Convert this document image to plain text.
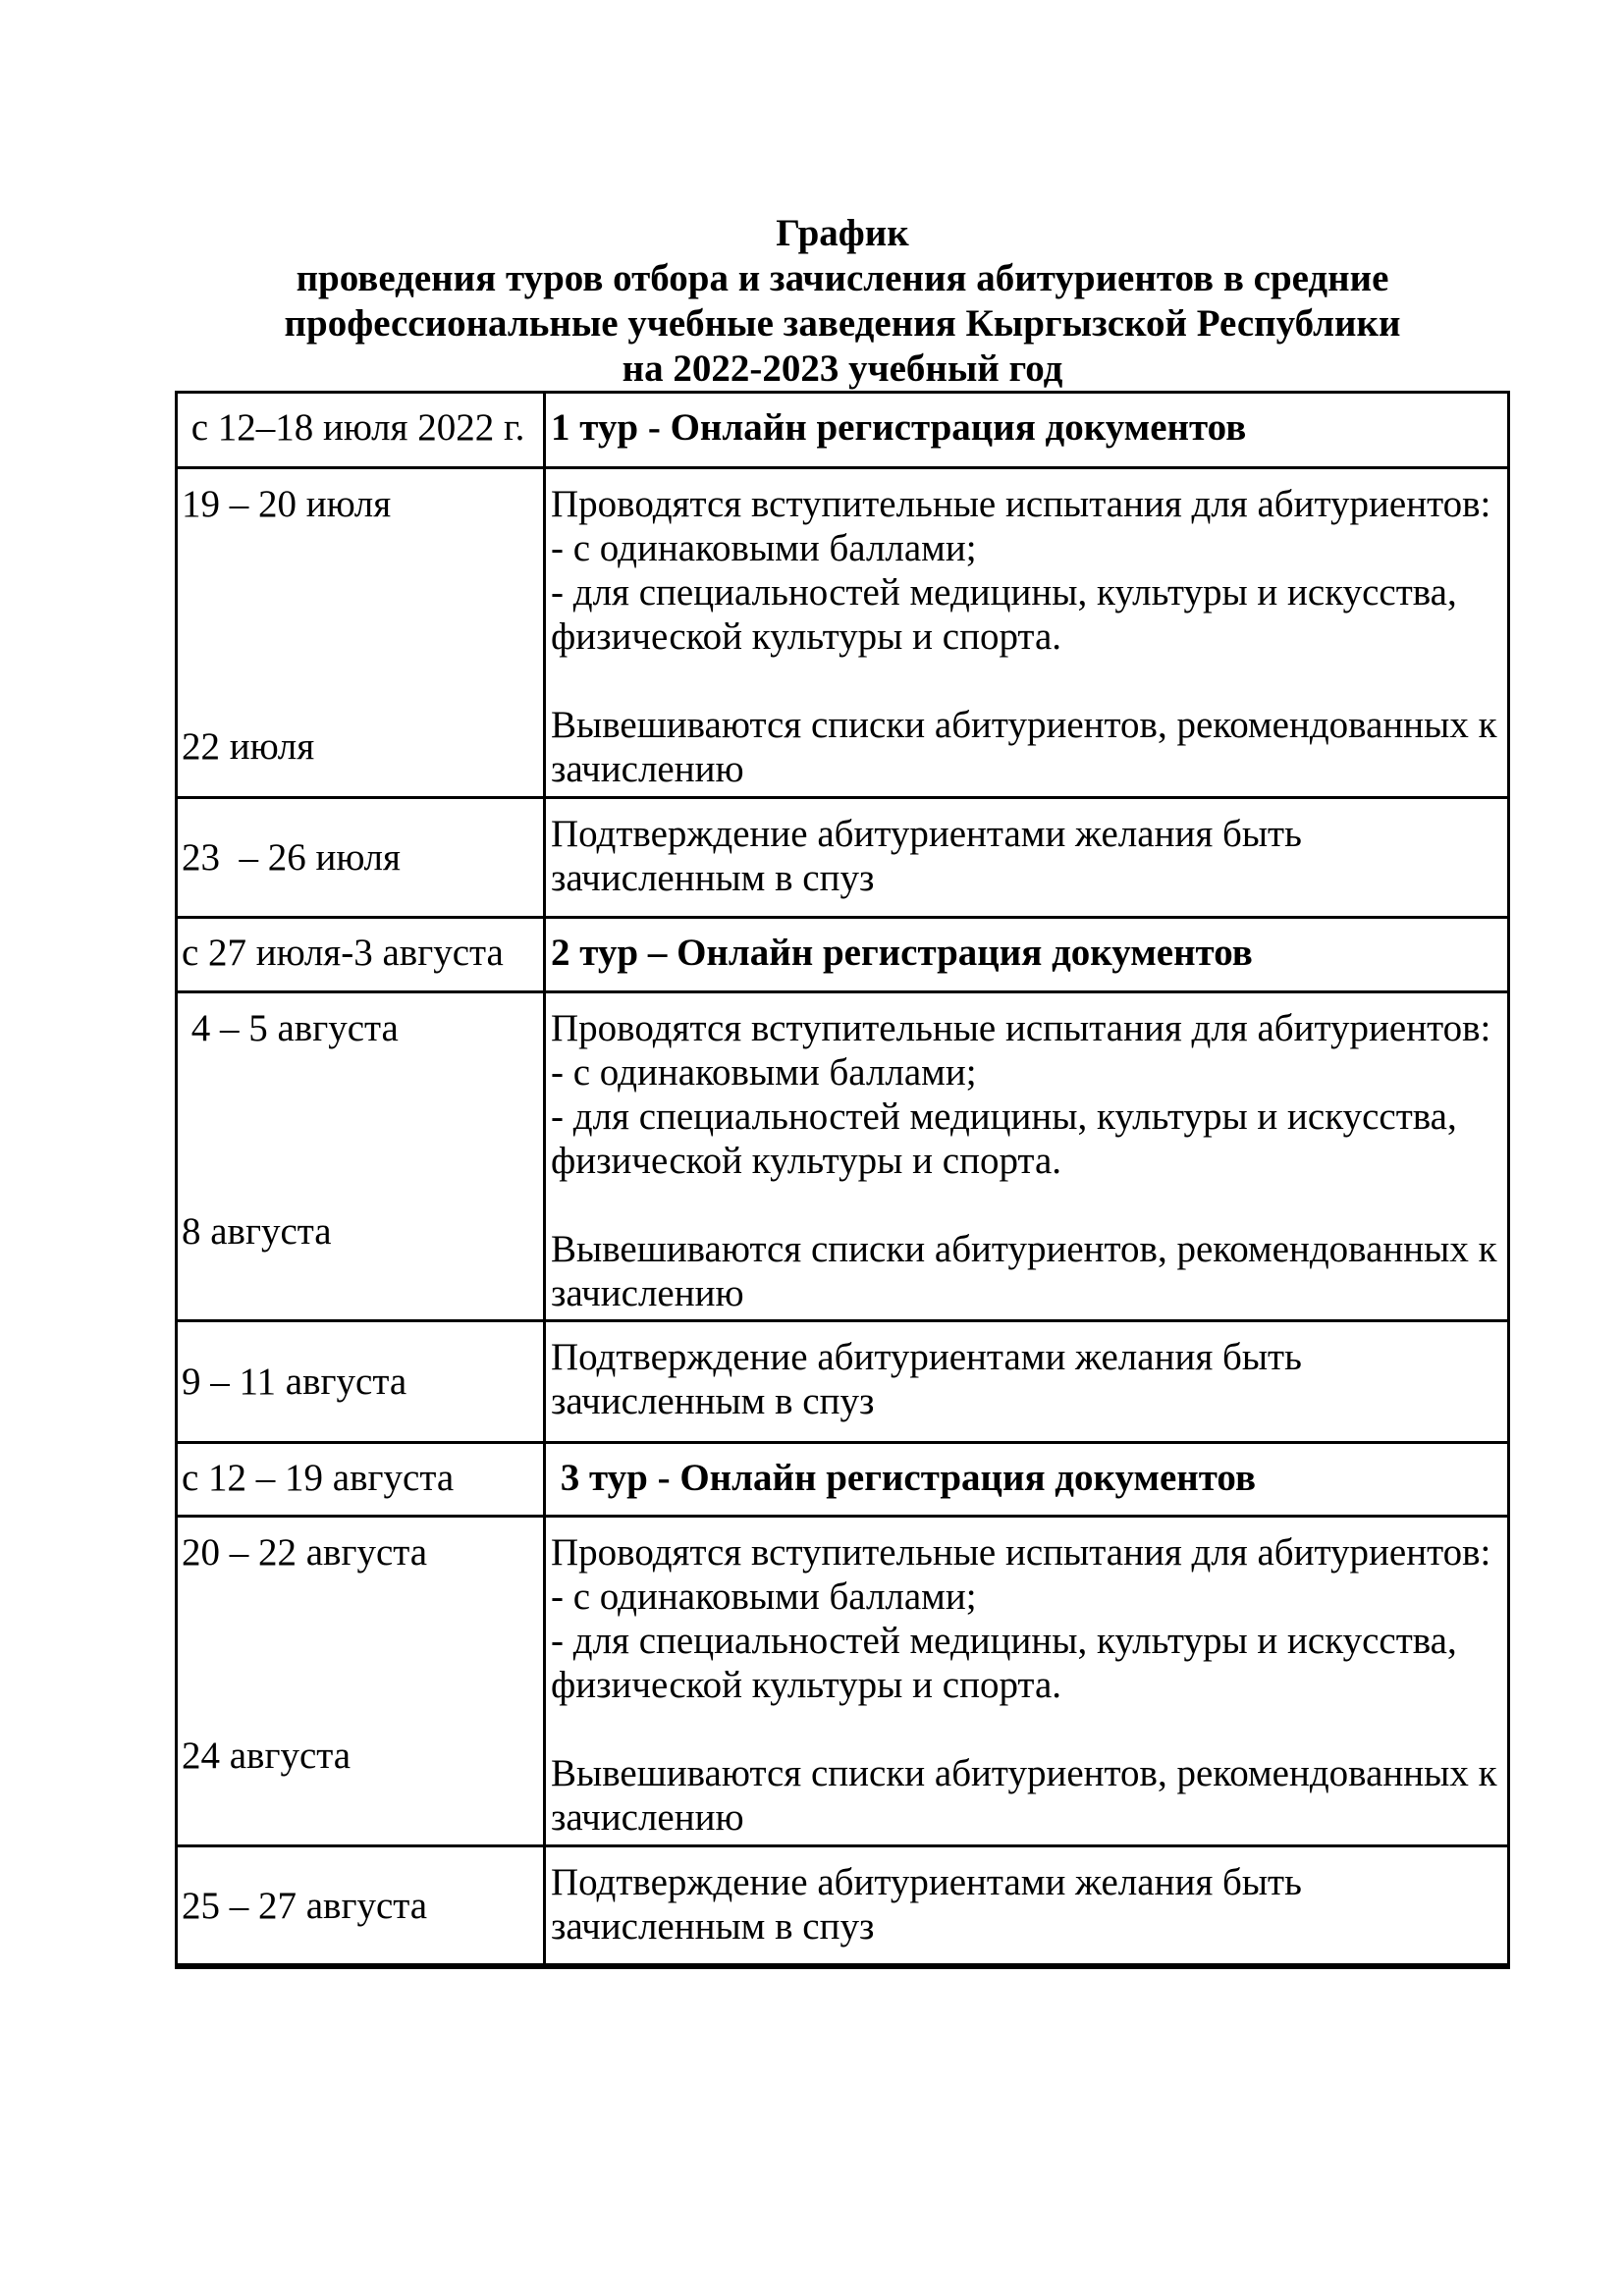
График
проведения туров отбора и зачисления абитуриентов в средние
профессиональные учебные заведения Кыргызской Республики
на 2022-2023 учебный год
с 12–18 июля 2022 г. 1 тур - Онлайн регистрация документов
19 – 20 июля
22 июля
Проводятся вступительные испытания для абитуриентов:
- с одинаковыми баллами;
- для специальностей медицины, культуры и искусства,
физической культуры и спорта.
Вывешиваются списки абитуриентов, рекомендованных к
зачислению
23  – 26 июля
Подтверждение абитуриентами желания быть
зачисленным в спуз
с 27 июля-3 августа	2 тур – Онлайн регистрация документов
4 – 5 августа
8 августа
Проводятся вступительные испытания для абитуриентов:
- с одинаковыми баллами;
- для специальностей медицины, культуры и искусства,
физической культуры и спорта.
Вывешиваются списки абитуриентов, рекомендованных к
зачислению
9 – 11 августа
Подтверждение абитуриентами желания быть
зачисленным в спуз
с 12 – 19 августа	3 тур - Онлайн регистрация документов
20 – 22 августа
24 августа
Проводятся вступительные испытания для абитуриентов:
- с одинаковыми баллами;
- для специальностей медицины, культуры и искусства,
физической культуры и спорта.
Вывешиваются списки абитуриентов, рекомендованных к
зачислению
25 – 27 августа
Подтверждение абитуриентами желания быть
зачисленным в спуз
